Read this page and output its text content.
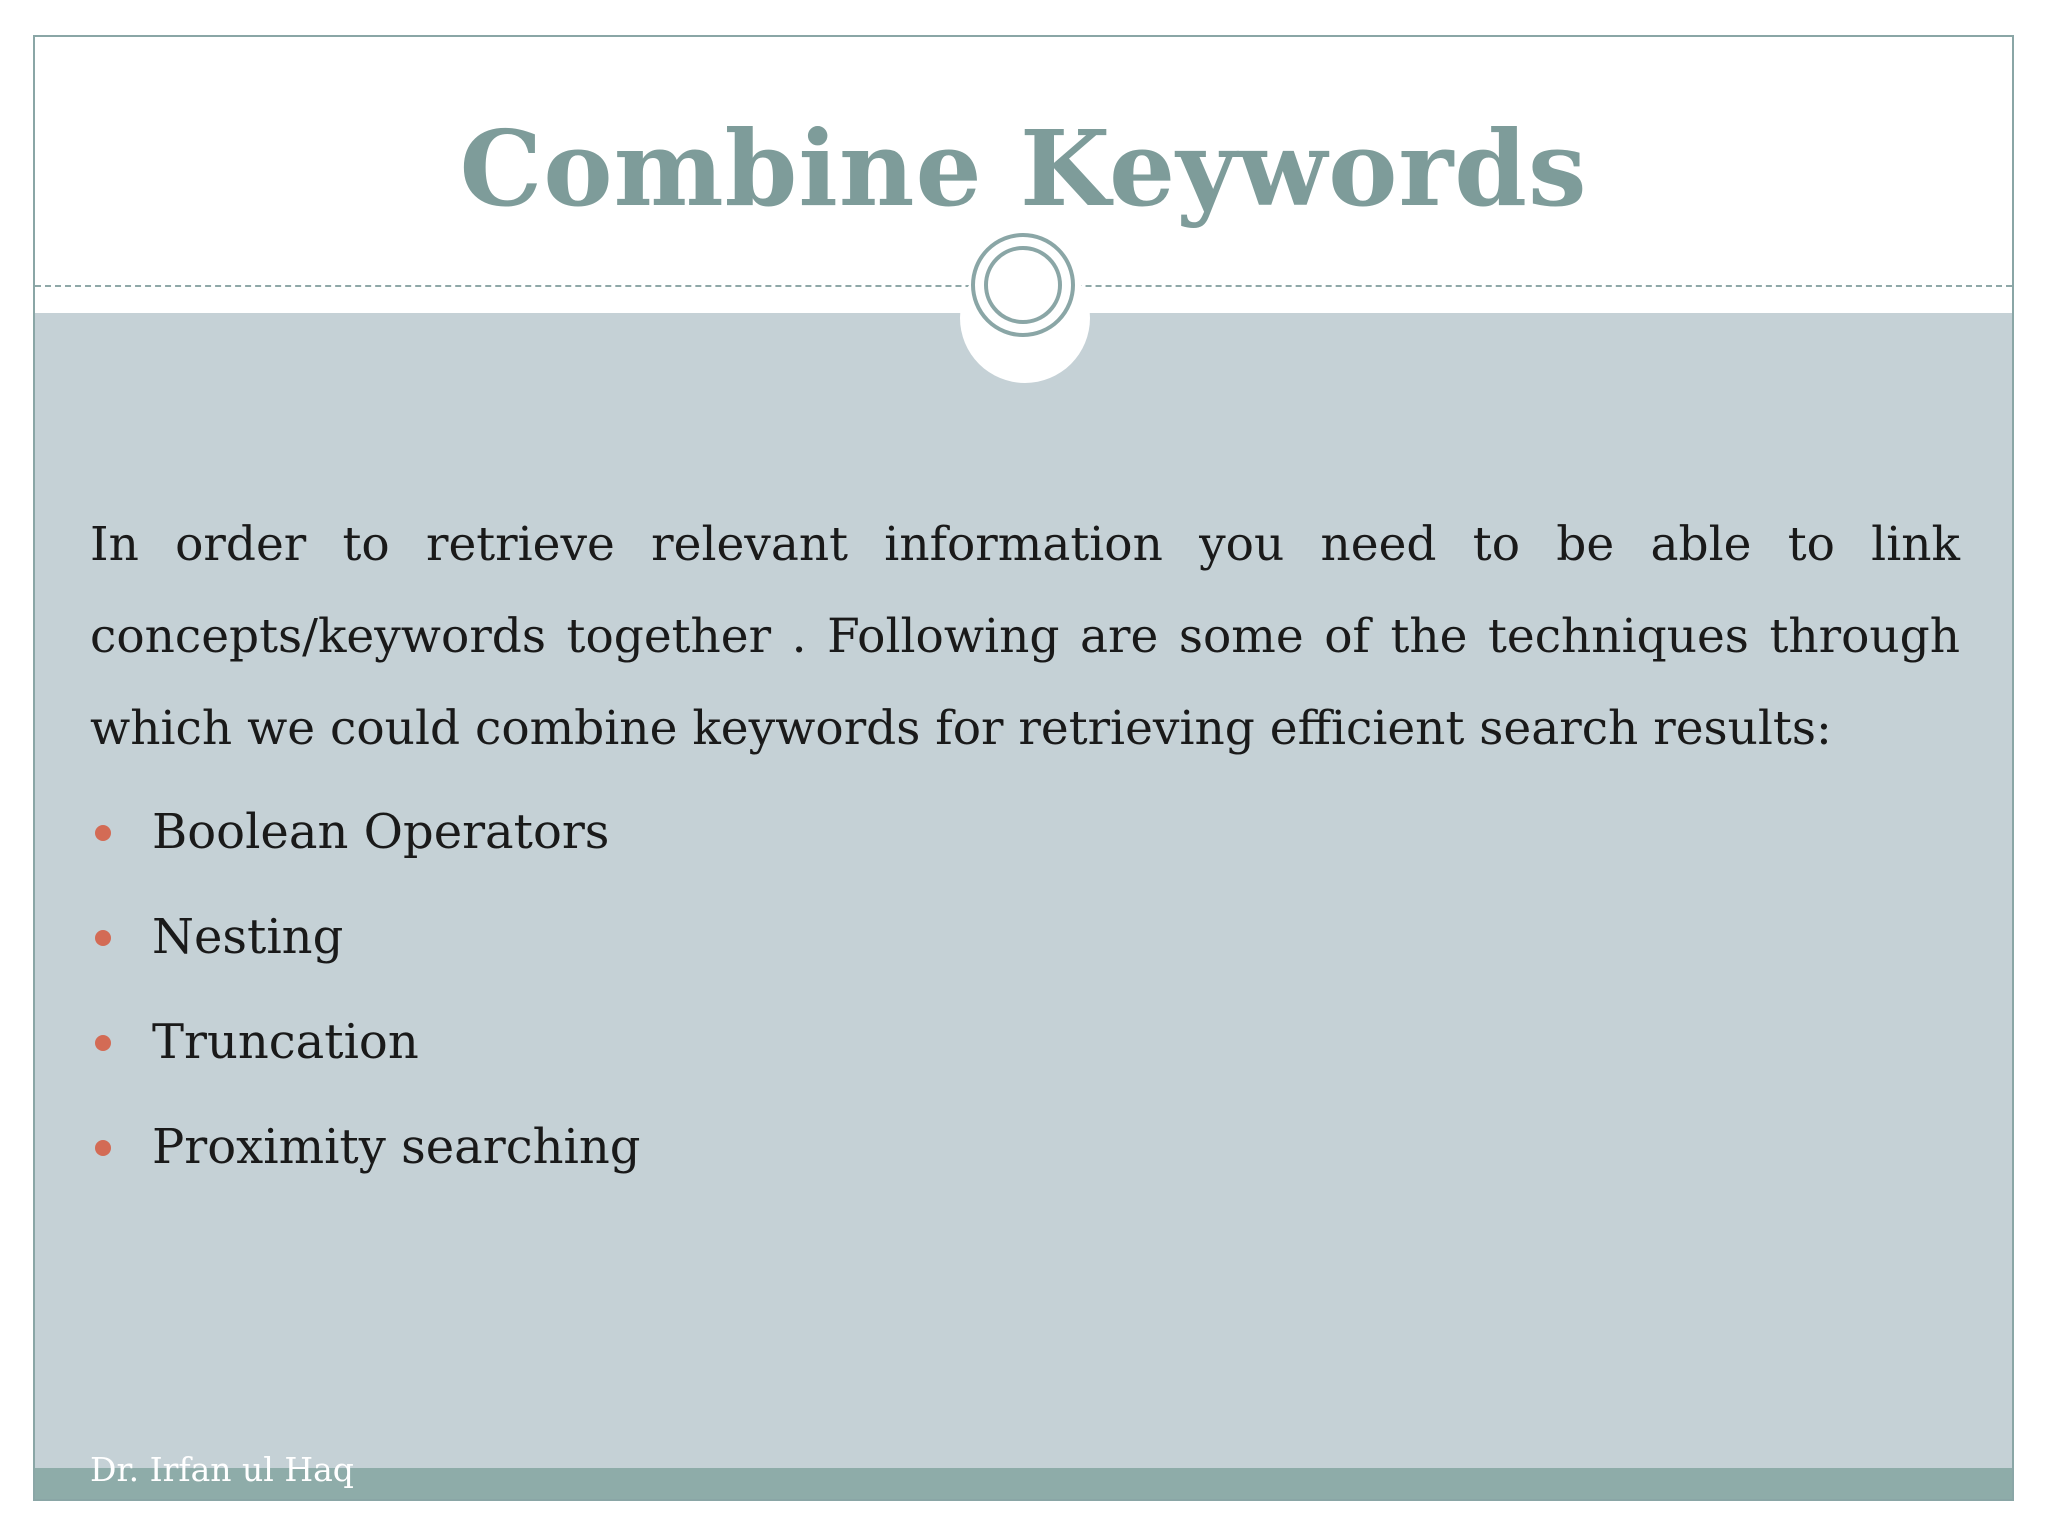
Combine Keywords
In order to retrieve relevant information you need to be able to link concepts/keywords together . Following are some of the techniques through which we could combine keywords for retrieving efficient search results:
Boolean Operators
Nesting
Truncation
Proximity searching
Dr. Irfan ul Haq
